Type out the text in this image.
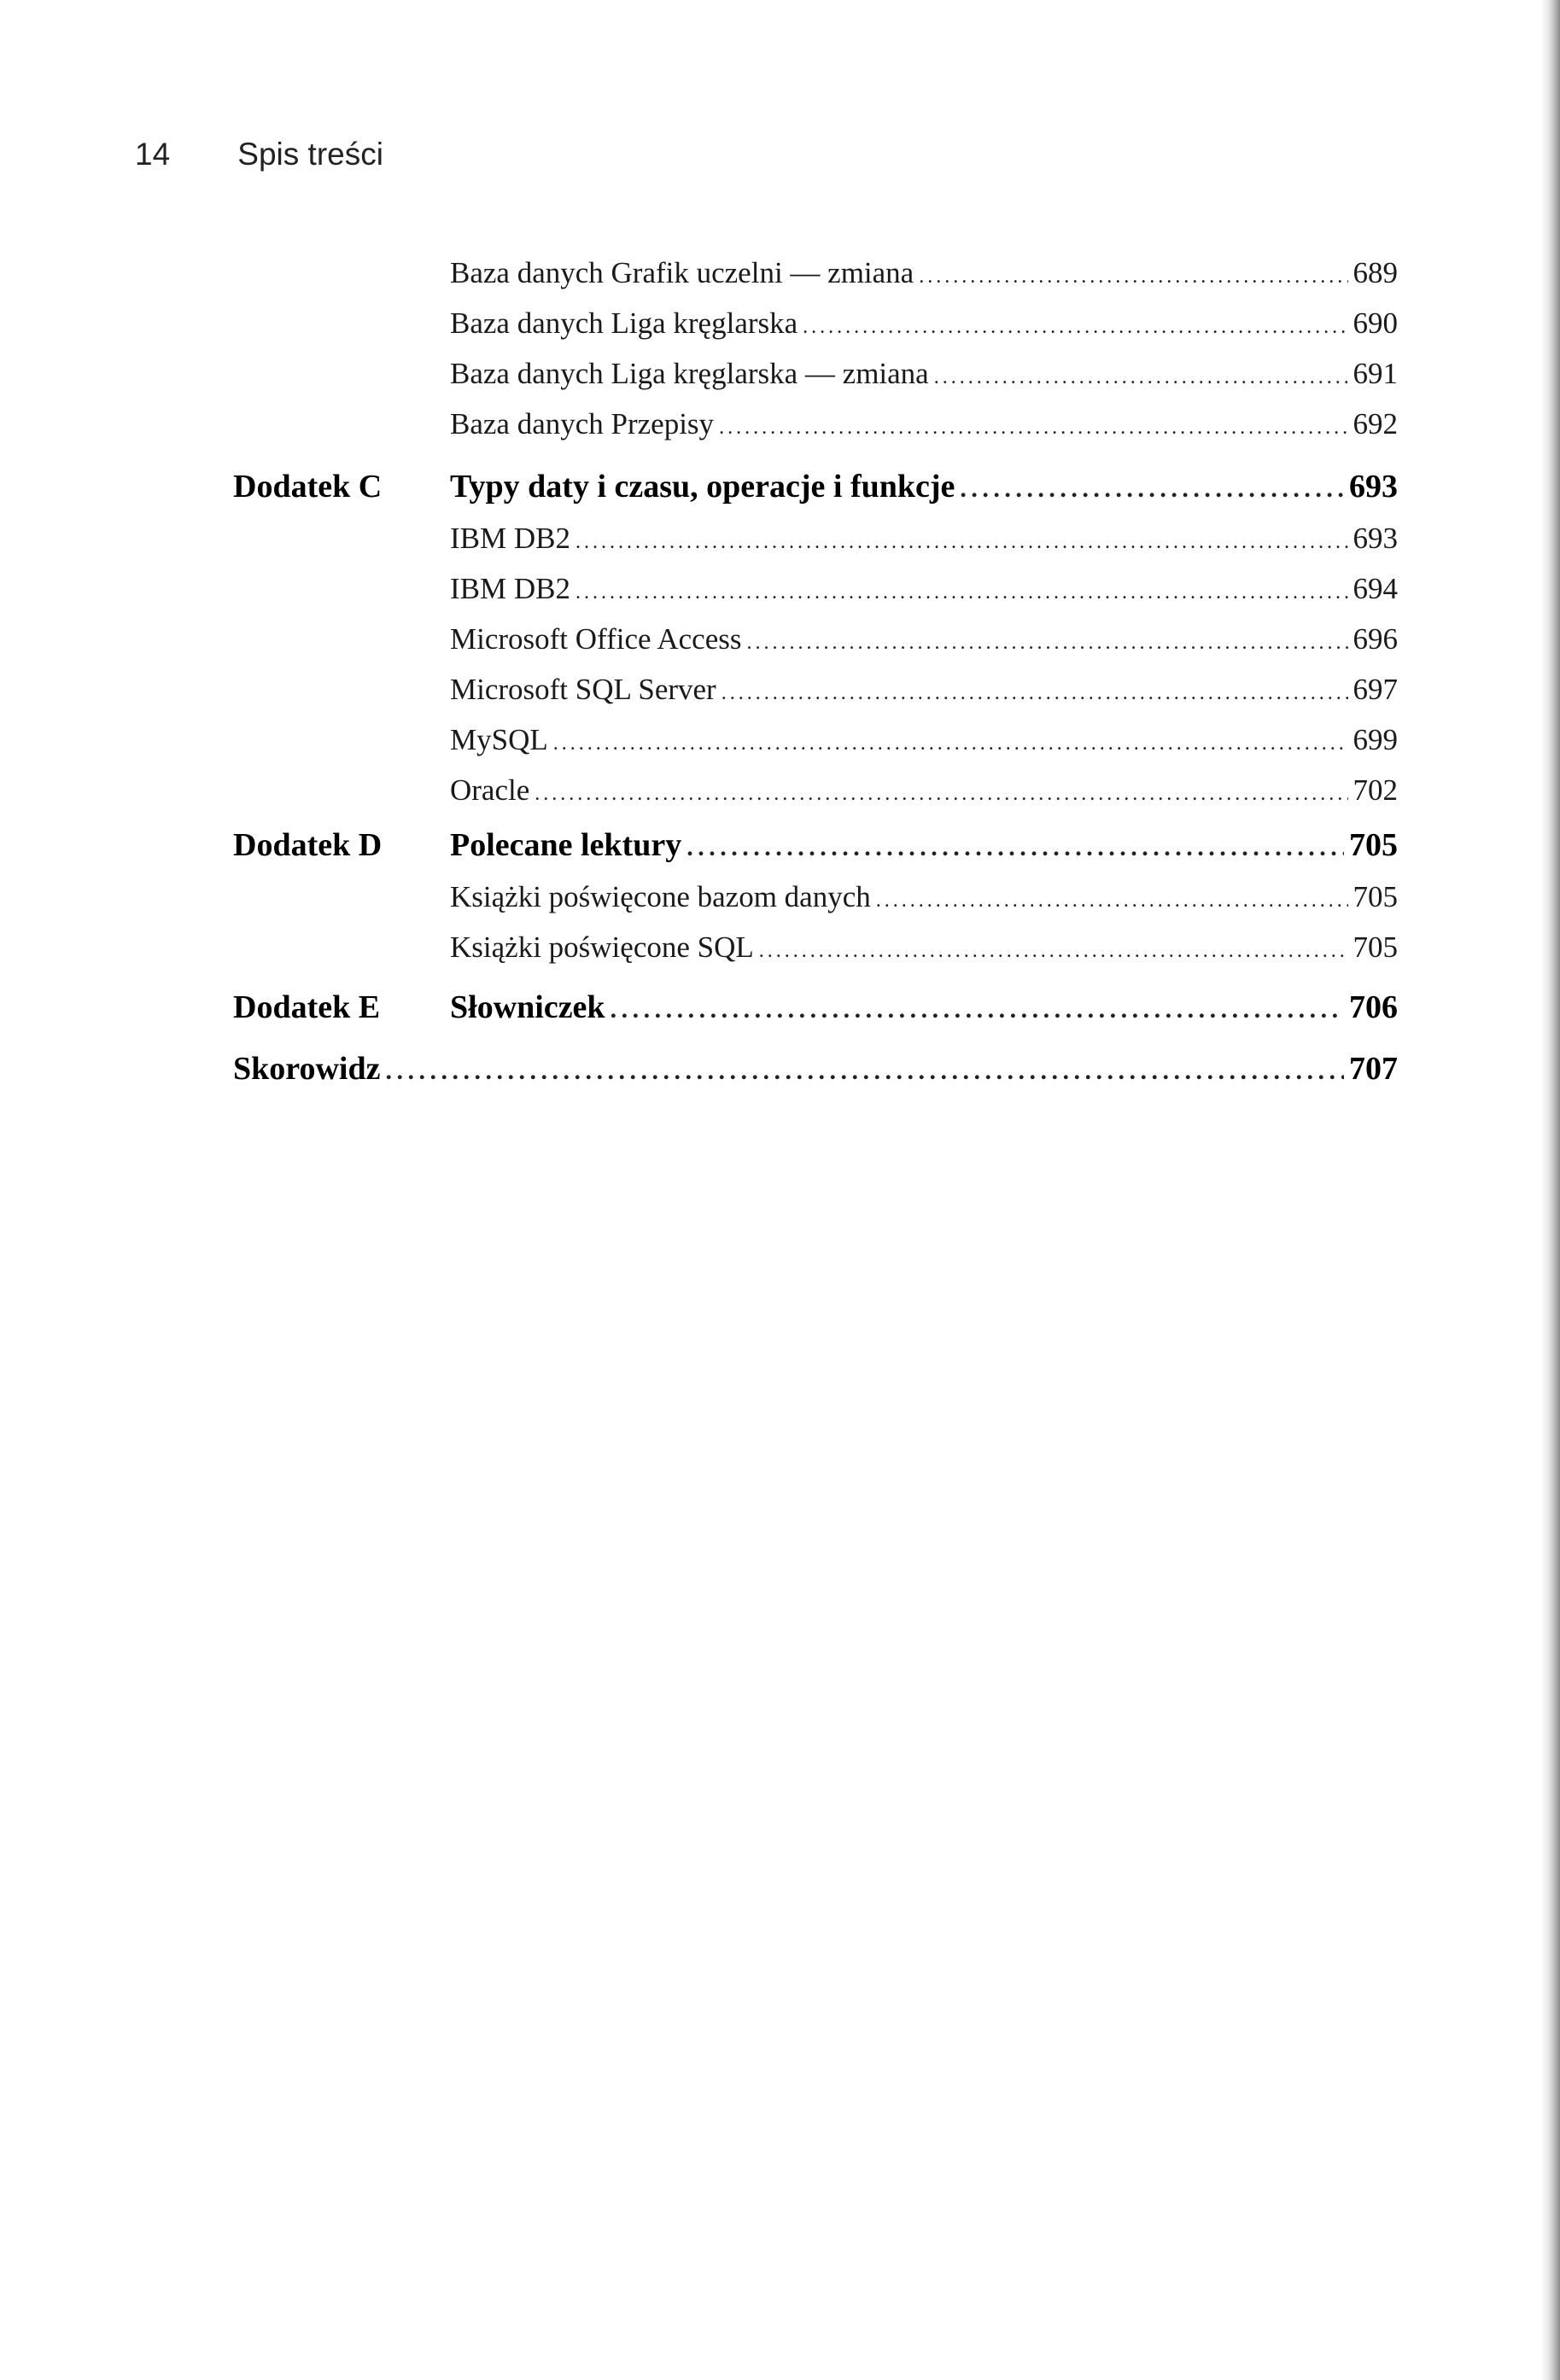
14 Spis treści
Baza danych Grafik uczelni — zmiana . . .	689
Baza danych Liga kręglarska . . .	690
Baza danych Liga kręglarska — zmiana . . .	691
Baza danych Przepisy . . .	692
Dodatek C Typy daty i czasu, operacje i funkcje . . .	693
IBM DB2 . . .	693
IBM DB2 . . .	694
Microsoft Office Access . . .	696
Microsoft SQL Server . . .	697
MySQL . . .	699
Oracle . . .	702
Dodatek D Polecane lektury . . .	705
Książki poświęcone bazom danych . . .	705
Książki poświęcone SQL . . .	705
Dodatek E Słowniczek . . .	706
Skorowidz . . .	707
